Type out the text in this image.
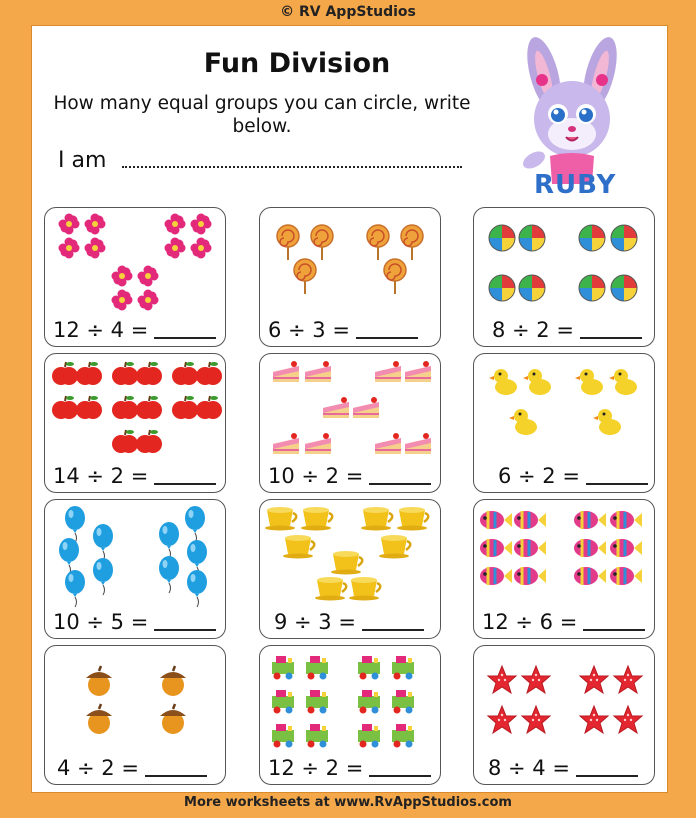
© RV AppStudios
Fun Division
How many equal groups you can circle, write below.
I am
RUBY
12 ÷ 4 =	6 ÷ 3 =	8 ÷ 2 =
14 ÷ 2 =	10 ÷ 2 =	6 ÷ 2 =
10 ÷ 5 =	9 ÷ 3 =	12 ÷ 6 =
4 ÷ 2 =	12 ÷ 2 =	8 ÷ 4 =
More worksheets at www.RvAppStudios.com
